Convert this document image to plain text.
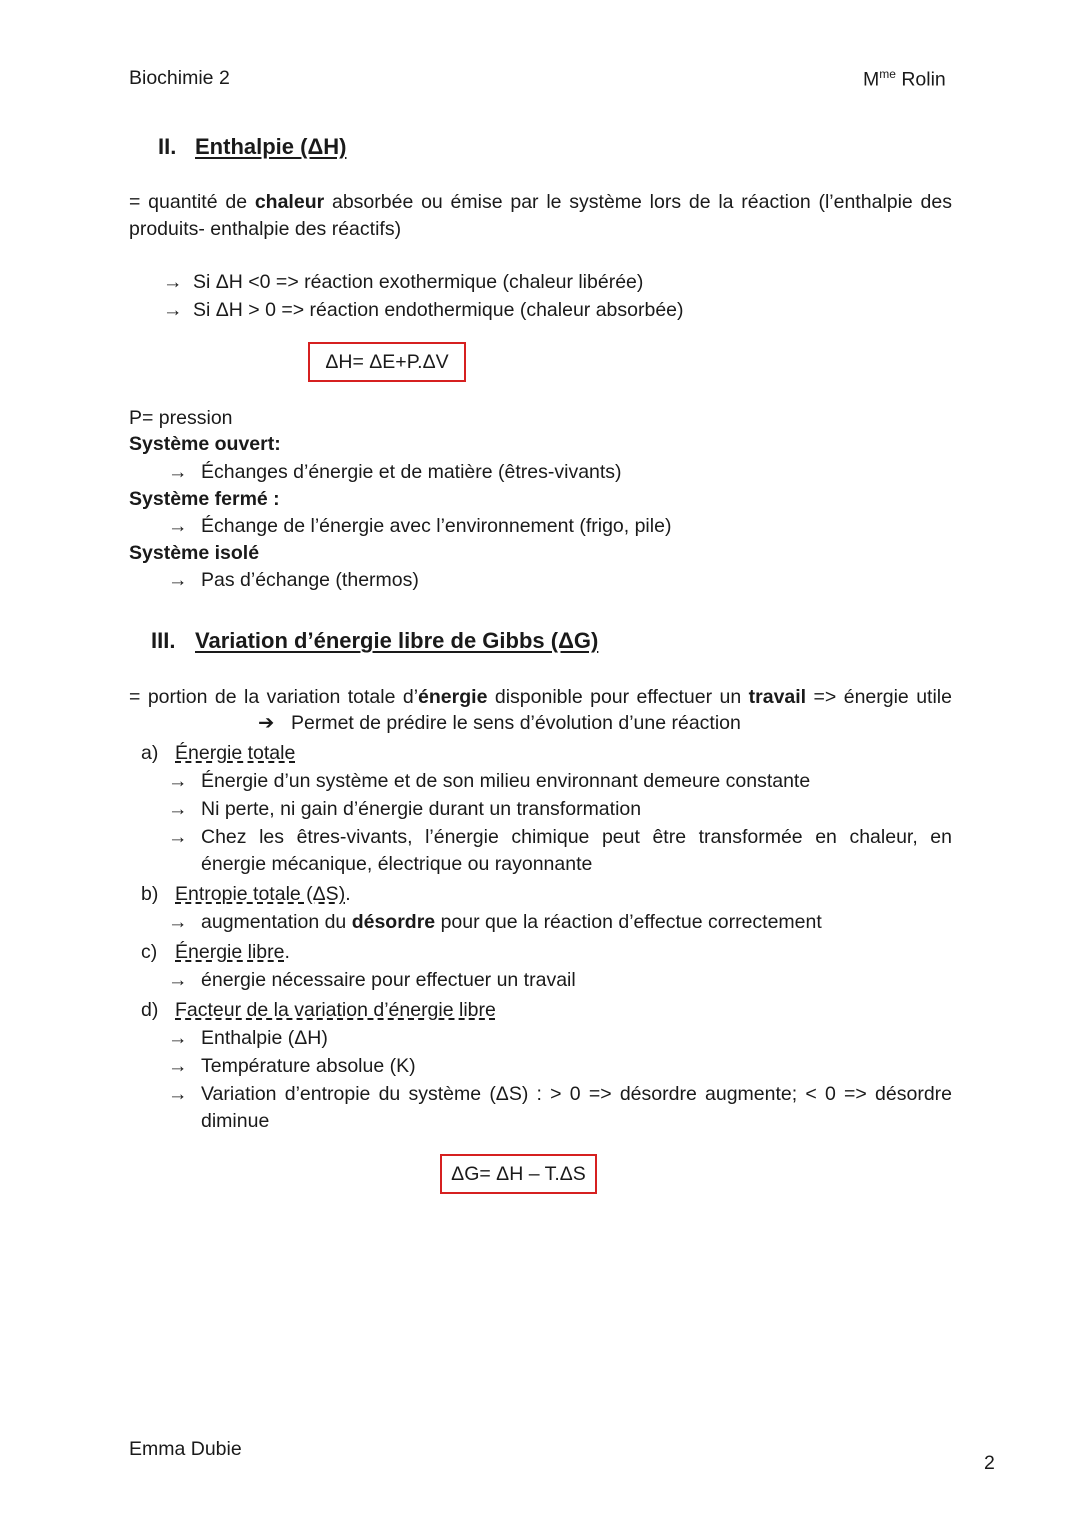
Biochimie 2	$M^{me}$ Rolin
II. Enthalpie (ΔH)
= quantité de chaleur absorbée ou émise par le système lors de la réaction (l’enthalpie des
produits- enthalpie des réactifs)
→ Si ΔH <0 => réaction exothermique (chaleur libérée)
→ Si ΔH > 0 => réaction endothermique (chaleur absorbée)
ΔH= ΔE+P.ΔV
P= pression
Système ouvert:
→ Échanges d’énergie et de matière (êtres-vivants)
Système fermé :
→ Échange de l’énergie avec l’environnement (frigo, pile)
Système isolé
→ Pas d’échange (thermos)
III. Variation d’énergie libre de Gibbs (ΔG)
= portion de la variation totale d’énergie disponible pour effectuer un travail => énergie utile
➔ Permet de prédire le sens d’évolution d’une réaction
a) Énergie totale
→ Énergie d’un système et de son milieu environnant demeure constante
→ Ni perte, ni gain d’énergie durant un transformation
→ Chez les êtres-vivants, l’énergie chimique peut être transformée en chaleur, en
énergie mécanique, électrique ou rayonnante
b) Entropie totale (ΔS).
→ augmentation du désordre pour que la réaction d’effectue correctement
c) Énergie libre.
→ énergie nécessaire pour effectuer un travail
d) Facteur de la variation d’énergie libre
→ Enthalpie (ΔH)
→ Température absolue (K)
→ Variation d’entropie du système (ΔS) : > 0 => désordre augmente; < 0 => désordre
diminue
ΔG= ΔH – T.ΔS
Emma Dubie
2
